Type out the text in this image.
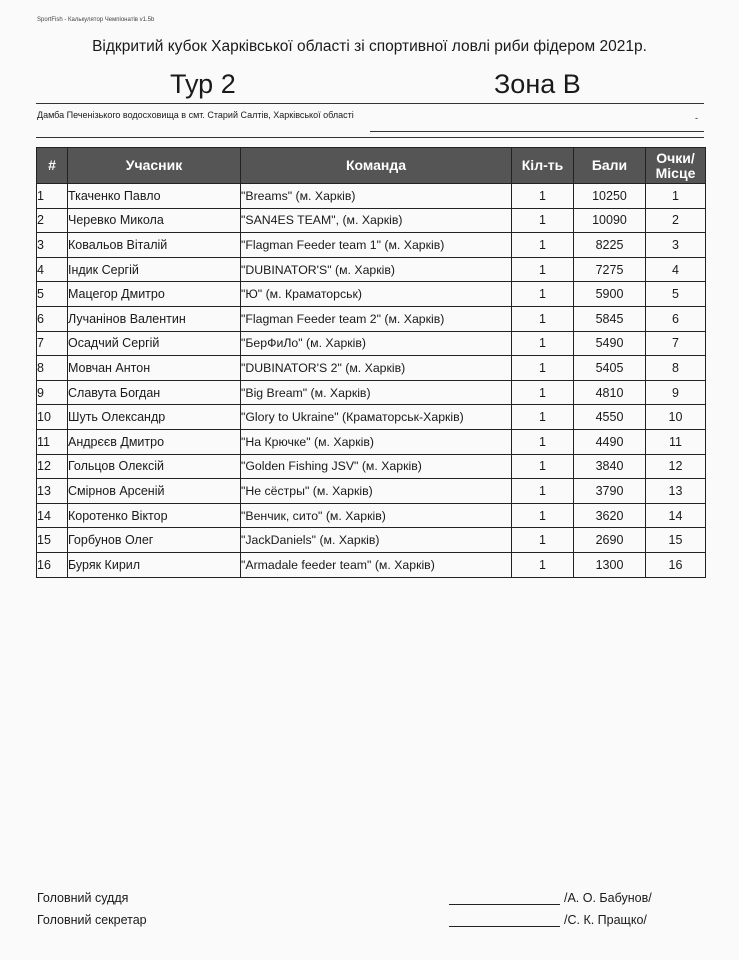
SportFish - Калькулятор Чемпіонатів v1.5b
Відкритий кубок Харківської області зі спортивної ловлі риби фідером 2021р.
Тур 2	Зона В
Дамба Печенізького водосховища в смт. Старий Салтів, Харківської області	-
#	Учасник	Команда	Кіл-ть	Бали	Очки/ Місце
1	Ткаченко Павло	"Breams" (м. Харків)	1	10250	1
2	Черевко Микола	"SAN4ES TEAM", (м. Харків)	1	10090	2
3	Ковальов Віталій	"Flagman Feeder team 1" (м. Харків)	1	8225	3
4	Індик Сергій	"DUBINATOR'S" (м. Харків)	1	7275	4
5	Мацегор Дмитро	"Ю" (м. Краматорськ)	1	5900	5
6	Лучанінов Валентин	"Flagman Feeder team 2" (м. Харків)	1	5845	6
7	Осадчий Сергій	"БерФиЛо" (м. Харків)	1	5490	7
8	Мовчан Антон	"DUBINATOR'S 2" (м. Харків)	1	5405	8
9	Славута Богдан	"Big Bream" (м. Харків)	1	4810	9
10	Шуть Олександр	"Glory to Ukraine" (Краматорськ-Харків)	1	4550	10
11	Андрєєв Дмитро	"На Крючке" (м. Харків)	1	4490	11
12	Гольцов Олексій	"Golden Fishing JSV" (м. Харків)	1	3840	12
13	Смірнов Арсеній	"Не сёстры" (м. Харків)	1	3790	13
14	Коротенко Віктор	"Венчик, сито" (м. Харків)	1	3620	14
15	Горбунов Олег	"JackDaniels" (м. Харків)	1	2690	15
16	Буряк Кирил	"Armadale feeder team" (м. Харків)	1	1300	16
Головний суддя	/А. О. Бабунов/
Головний секретар	/С. К. Пращко/
